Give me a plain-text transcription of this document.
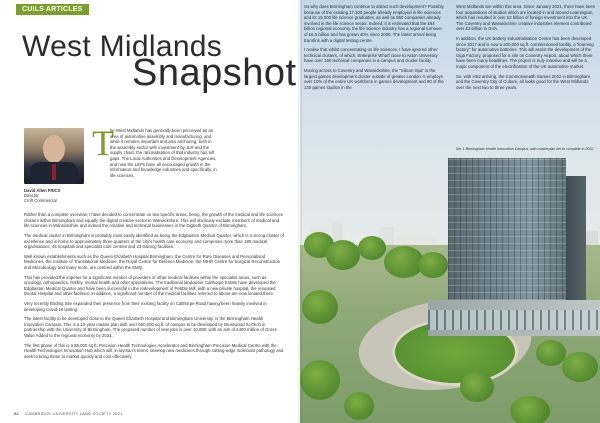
CUILS ARTICLES
West Midlands
Snapshot
David Allen FRICS
Director
Croft Commercial
T

he West Midlands has generally been perceived as an area of automotive assembly and manufacturing, and, while it remains important and also anchoring, both in the assembly sector with investment by JLR and the supply chain, the rationalisation of that industry has left gaps. The Local Authorities and Development Agencies, and now the LEPs have all encouraged growth in the information and knowledge industries and specifically, in life sciences.

Rather than a complete overview, I have decided to concentrate on two specific areas, being, the growth of the medical and life sciences clusters within Birmingham and equally the digital creative sector in Warwickshire. This will obviously exclude members of medical and life sciences in Warwickshire and indeed the creative and technical businesses in the Digbeth Quarter of Birmingham.

The medical cluster in Birmingham is probably most easily identified as being the Edgbaston Medical Quarter, which is a strong cluster of excellence and is home to approximately three quarters of the city's health care economy and comprises more than 180 medical organisations, 45 hospitals and specialist care centres and 23 training facilities.

Well known establishments such as the Queen Elizabeth Hospital Birmingham, the Centre for Rare Diseases and Personalised Medicines, the Institute of Translational Medicine, the Royal Centre for Defence Medicine, the NIHR Centre for Surgical Reconstruction and Microbiology and many more, are centred within the EMQ.

This has provided the impetus for a significant number of providers of other medical facilities within the specialist areas, such as oncology, orthopaedics, fertility, mental health and other specialisms. The traditional landowner Calthorpe Estate have developed the Edgbaston Medical Quarter and have been successful in the redevelopment of Pebble Mill, with a new private hospital, the relocated Dental Hospital and other facilities. In addition, a significant number of the medical facilities referred to above are now located there.

Very recently Birding Site expanded their presence from their existing facility on Calthorpe Road having been heavily involved in developing Covid-19 testing.

The latest facility to be developed close to the Queen Elizabeth Hospital and Birmingham University, is the Birmingham Health Innovation Campus. This is a 10-year master plan with over 650,000 sq.ft. of campus to be developed by Bruntwood SciTech in partnership with the University of Birmingham. The proposed number of new jobs is over 10,000, with an aim of £400 million of Gross Value Added to the regional economy by 2031.

The first phase of this is a 85,000 sq.ft. Precision Health Technologies Accelerator and Birmingham Precision Medical Centre with the Health Technologies Innovation Hub which will, in layman's terms, develop new medicines through cutting-edge molecular pathology and seek to bring these to market quickly and cost effectively.

52 CAMBRIDGE UNIVERSITY LAND SOCIETY 2021

So why does Birmingham continue to attract such development? Possibly because of the existing 17,300 people already employed in life sciences and its 15,000 life science graduates, as well as 550 companies already involved in the life science sector. Indeed, it is estimated that the £94 billion regional economy, the life science industry has a regional turnover of £6.5 billion and has grown 40% since 2005. The latest arrival being Eurofins with a digital testing centre.

I realise that whilst concentrating on life sciences, I have ignored other technical clusters, of which, Enterprise Wharf close to Aston University have over 190 technical companies in a campus and cluster facility.

Moving across to Coventry and Warwickshire, the "Silicon Spa" is the largest games development cluster outside of greater London. It employs over 10% of the entire UK workforce in games development and 80 of the 130 games studios in the

West Midlands are within this area. Since January 2021, there have been four acquisitions of studios which are located in and around Leamington, which has resulted in over £2 billion of foreign investment into the UK. The Coventry and Warwickshire creative industries element contributed over £3 billion in GVA.

In addition, the UK Battery Industrialisation Centre has been developed since 2017 and is now a 200,000 sq.ft. commissioned facility, a "learning factory" for automotive batteries. This will assist the development of the Giga Factory, proposed for a site on Coventry Airport, about which there have been many headlines. The project is truly massive and will be a major component of the electrification of the UK automotive market.

So, with HS2 arriving, the Commonwealth Games 2022 in Birmingham and the Coventry City of Culture, all looks good for the West Midlands over the next two to three years.

Nb. 1 Birmingham Health Innovation Campus, with masterplan set to complete in 2032.
